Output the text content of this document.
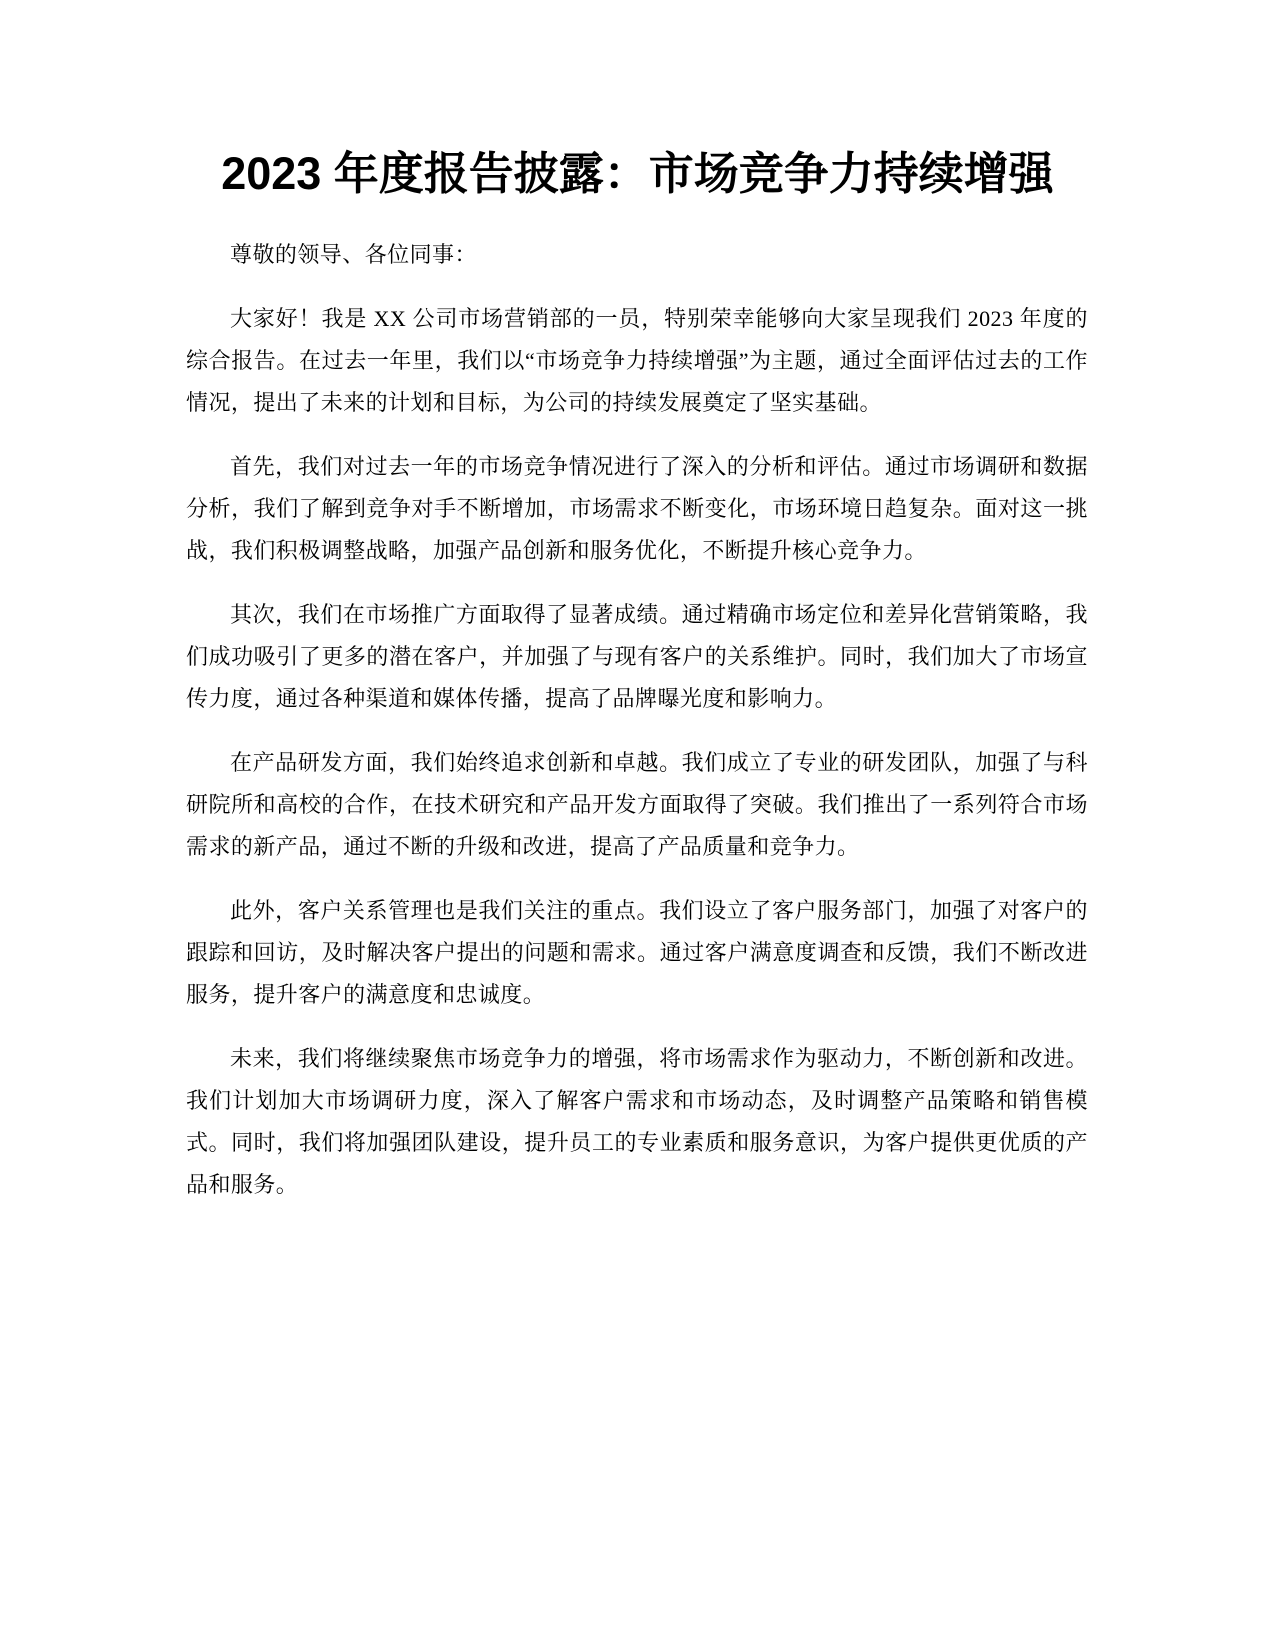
2023 年度报告披露：市场竞争力持续增强

尊敬的领导、各位同事：

大家好！我是 XX 公司市场营销部的一员，特别荣幸能够向大家呈现我们 2023 年度的综合报告。在过去一年里，我们以“市场竞争力持续增强”为主题，通过全面评估过去的工作情况，提出了未来的计划和目标，为公司的持续发展奠定了坚实基础。

首先，我们对过去一年的市场竞争情况进行了深入的分析和评估。通过市场调研和数据分析，我们了解到竞争对手不断增加，市场需求不断变化，市场环境日趋复杂。面对这一挑战，我们积极调整战略，加强产品创新和服务优化，不断提升核心竞争力。

其次，我们在市场推广方面取得了显著成绩。通过精确市场定位和差异化营销策略，我们成功吸引了更多的潜在客户，并加强了与现有客户的关系维护。同时，我们加大了市场宣传力度，通过各种渠道和媒体传播，提高了品牌曝光度和影响力。

在产品研发方面，我们始终追求创新和卓越。我们成立了专业的研发团队，加强了与科研院所和高校的合作，在技术研究和产品开发方面取得了突破。我们推出了一系列符合市场需求的新产品，通过不断的升级和改进，提高了产品质量和竞争力。

此外，客户关系管理也是我们关注的重点。我们设立了客户服务部门，加强了对客户的跟踪和回访，及时解决客户提出的问题和需求。通过客户满意度调查和反馈，我们不断改进服务，提升客户的满意度和忠诚度。

未来，我们将继续聚焦市场竞争力的增强，将市场需求作为驱动力，不断创新和改进。我们计划加大市场调研力度，深入了解客户需求和市场动态，及时调整产品策略和销售模式。同时，我们将加强团队建设，提升员工的专业素质和服务意识，为客户提供更优质的产品和服务。
